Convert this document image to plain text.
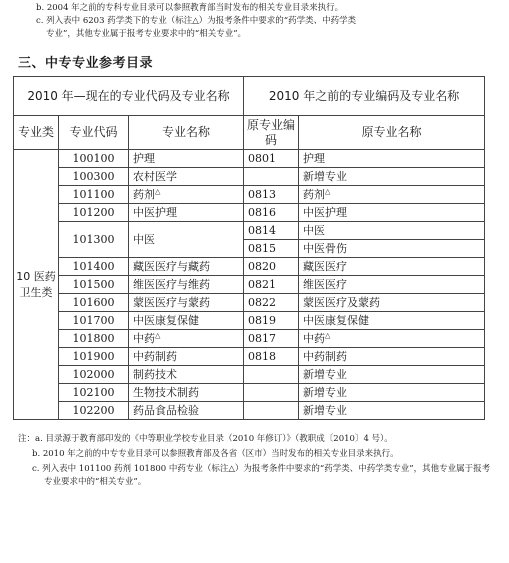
b. 2004 年之前的专科专业目录可以参照教育部当时发布的相关专业目录来执行。
c. 列入表中 6203 药学类下的专业（标注△）为报考条件中要求的“药学类、中药学类
专业”，其他专业属于报考专业要求中的“相关专业”。
三、中专专业参考目录
2010 年—现在的专业代码及专业名称			2010 年之前的专业编码及专业名称	
专业类	专业代码	专业名称	原专业编码	原专业名称
10 医药卫生类	100100	护理	0801	护理
	100300	农村医学		新增专业
	101100	药剂△	0813	药剂△
	101200	中医护理	0816	中医护理
	101300	中医	0814	中医
			0815	中医骨伤
	101400	藏医医疗与藏药	0820	藏医医疗
	101500	维医医疗与维药	0821	维医医疗
	101600	蒙医医疗与蒙药	0822	蒙医医疗及蒙药
	101700	中医康复保健	0819	中医康复保健
	101800	中药△	0817	中药△
	101900	中药制药	0818	中药制药
	102000	制药技术		新增专业
	102100	生物技术制药		新增专业
	102200	药品食品检验		新增专业
注：a. 目录源于教育部印发的《中等职业学校专业目录（2010 年修订）》（教职成〔2010〕4 号）。
b. 2010 年之前的中专专业目录可以参照教育部及各省（区市）当时发布的相关专业目录来执行。
c. 列入表中 101100 药剂 101800 中药专业（标注△）为报考条件中要求的“药学类、中药学类专业”，其他专业属于报考专业要求中的“相关专业”。
